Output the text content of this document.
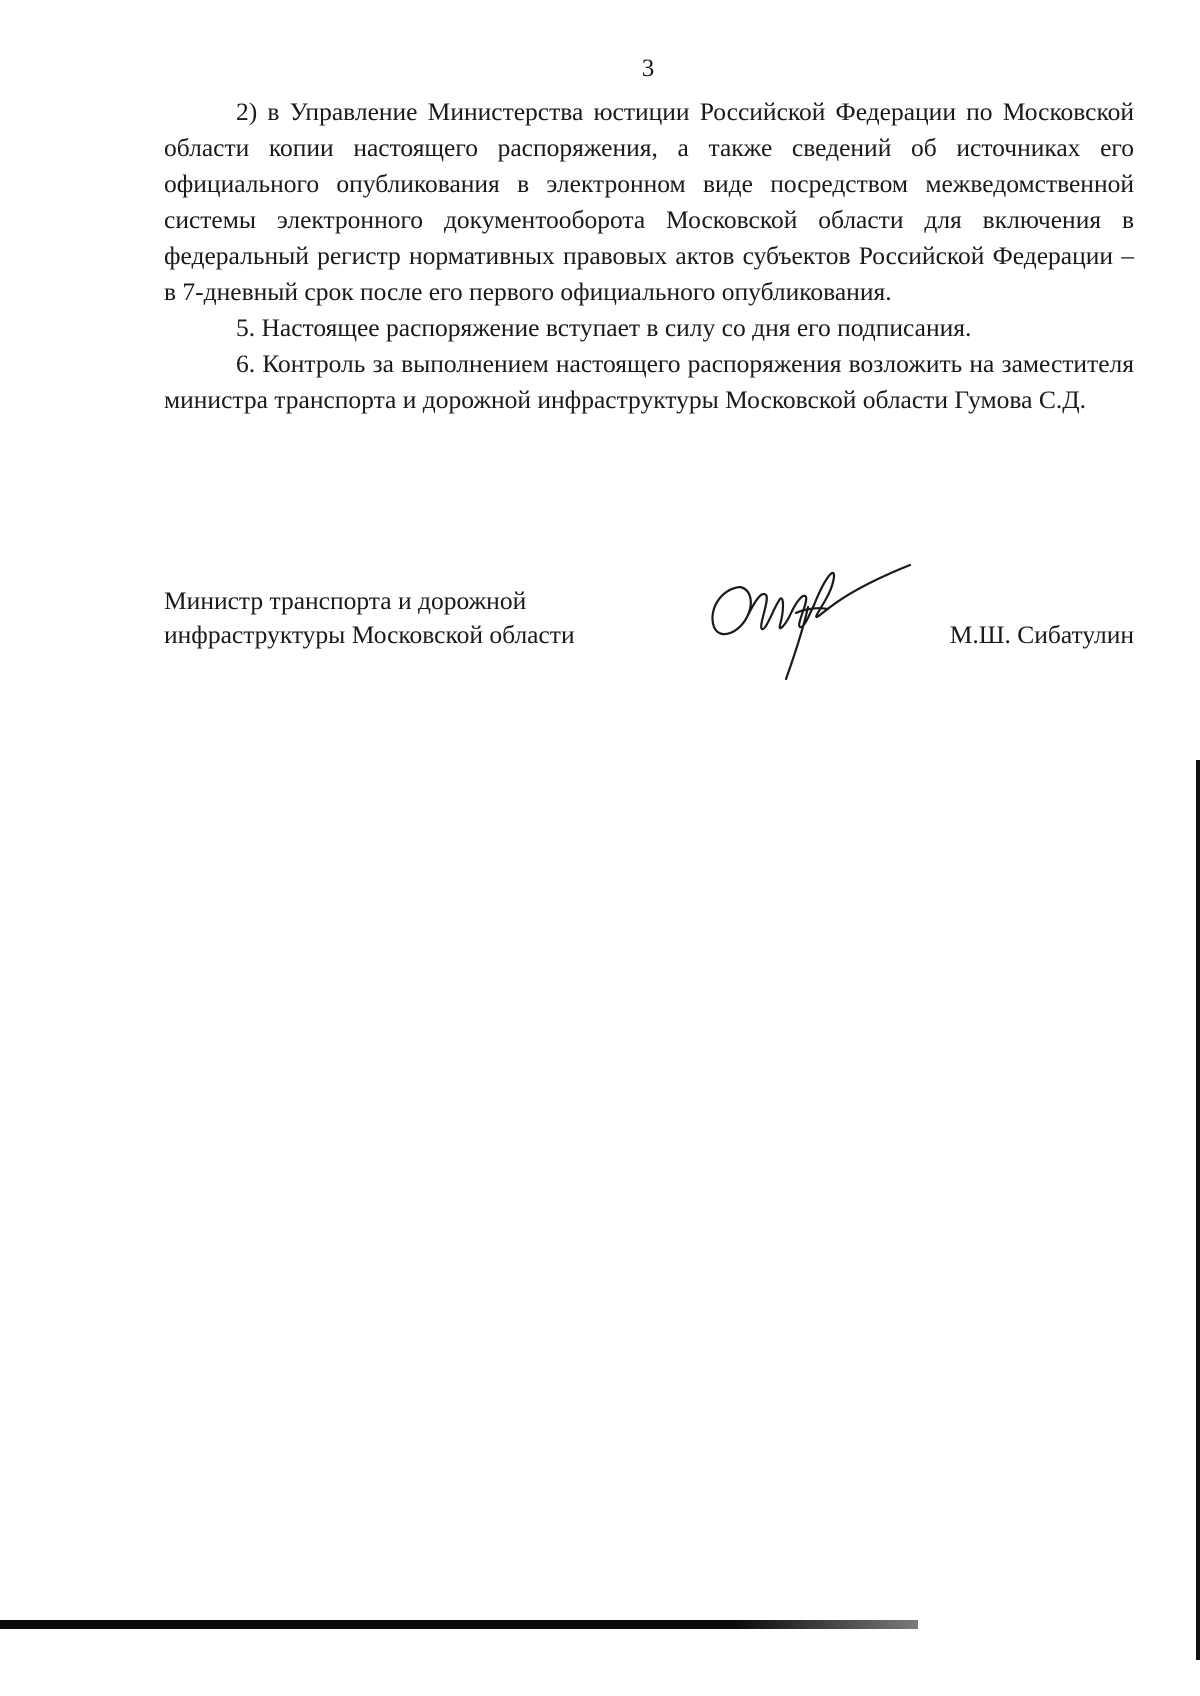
3

2) в Управление Министерства юстиции Российской Федерации по Московской области копии настоящего распоряжения, а также сведений об источниках его официального опубликования в электронном виде посредством межведомственной системы электронного документооборота Московской области для включения в федеральный регистр нормативных правовых актов субъектов Российской Федерации – в 7-дневный срок после его первого официального опубликования.

5. Настоящее распоряжение вступает в силу со дня его подписания.

6. Контроль за выполнением настоящего распоряжения возложить на заместителя министра транспорта и дорожной инфраструктуры Московской области Гумова С.Д.

Министр транспорта и дорожной
инфраструктуры Московской области	М.Ш. Сибатулин
